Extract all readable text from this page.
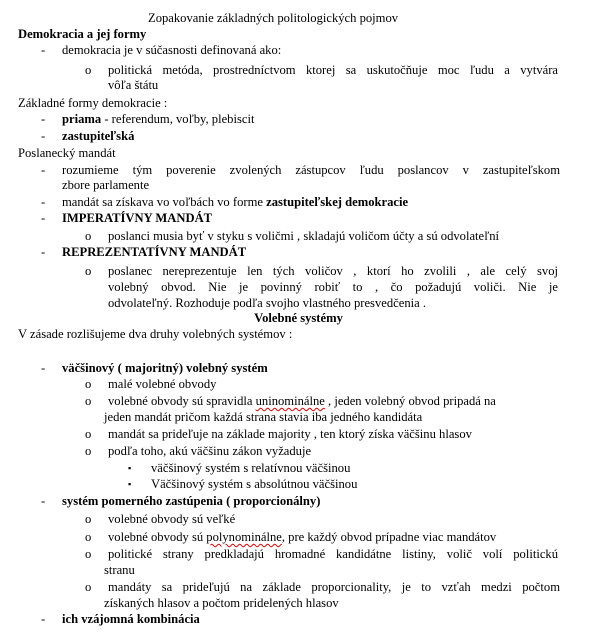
Zopakovanie základných politologických pojmov
Demokracia a jej formy
- demokracia je v súčasnosti definovaná ako:
o politická metóda, prostredníctvom ktorej sa uskutočňuje moc ľudu a vytvára
vôľa štátu
Základné formy demokracie :
- priama - referendum, voľby, plebiscit
- zastupiteľská
Poslanecký mandát
- rozumieme tým poverenie zvolených zástupcov ľudu poslancov v zastupiteľskom
zbore parlamente
- mandát sa získava vo voľbách vo forme zastupiteľskej demokracie
- IMPERATÍVNY MANDÁT
o poslanci musia byť v styku s voličmi , skladajú voličom účty a sú odvolateľní
- REPREZENTATÍVNY MANDÁT
o poslanec nereprezentuje len tých voličov , ktorí ho zvolili , ale celý svoj
volebný obvod. Nie je povinný robiť to , čo požadujú voliči. Nie je
odvolateľný. Rozhoduje podľa svojho vlastného presvedčenia .
Volebné systémy
V zásade rozlišujeme dva druhy volebných systémov :
- väčšinový ( majoritný) volebný systém
o malé volebné obvody
o volebné obvody sú spravidla uninominálne , jeden volebný obvod pripadá na
jeden mandát pričom každá strana stavia iba jedného kandidáta
o mandát sa prideľuje na základe majority , ten ktorý získa väčšinu hlasov
o podľa toho, akú väčšinu zákon vyžaduje
▪ väčšinový systém s relatívnou väčšinou
▪ Väčšinový systém s absolútnou väčšinou
- systém pomerného zastúpenia ( proporcionálny)
o volebné obvody sú veľké
o volebné obvody sú polynominálne, pre každý obvod prípadne viac mandátov
o politické strany predkladajú hromadné kandidátne listiny, volič volí politickú
stranu
o mandáty sa prideľujú na základe proporcionality, je to vzťah medzi počtom
získaných hlasov a počtom pridelených hlasov
- ich vzájomná kombinácia
